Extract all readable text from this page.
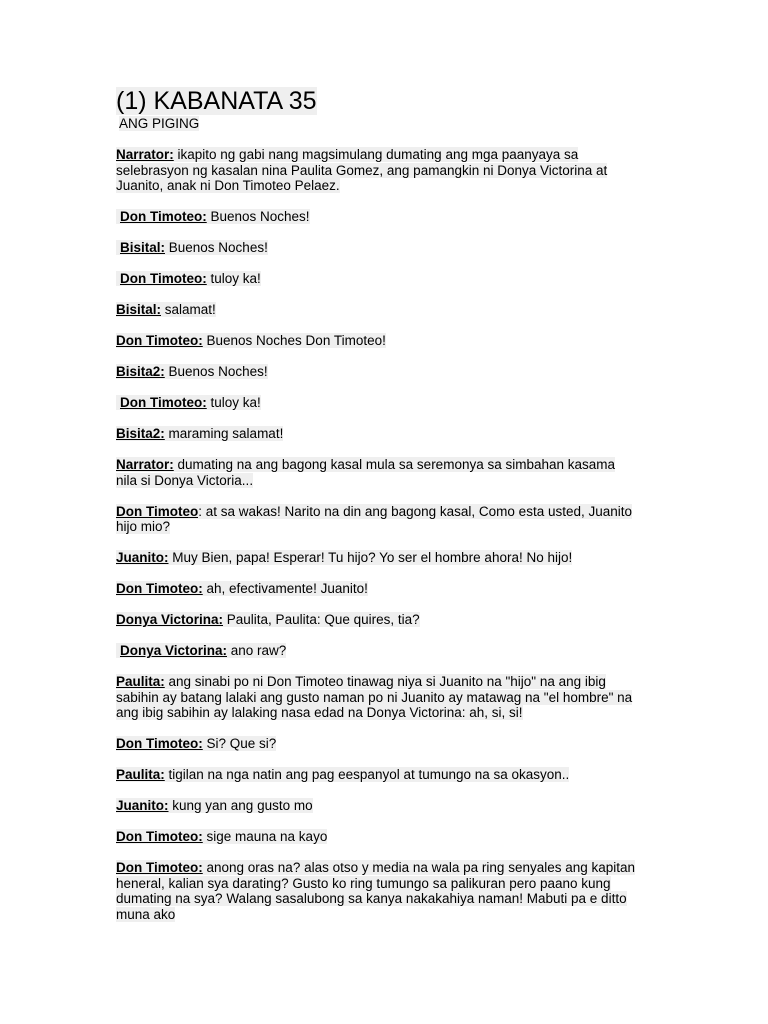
(1) KABANATA 35

ANG PIGING

Narrator: ikapito ng gabi nang magsimulang dumating ang mga paanyaya sa selebrasyon ng kasalan nina Paulita Gomez, ang pamangkin ni Donya Victorina at Juanito, anak ni Don Timoteo Pelaez.

Don Timoteo: Buenos Noches!

Bisital: Buenos Noches!

Don Timoteo: tuloy ka!

Bisital: salamat!

Don Timoteo: Buenos Noches Don Timoteo!

Bisita2: Buenos Noches!

Don Timoteo: tuloy ka!

Bisita2: maraming salamat!

Narrator: dumating na ang bagong kasal mula sa seremonya sa simbahan kasama nila si Donya Victoria...

Don Timoteo: at sa wakas! Narito na din ang bagong kasal, Como esta usted, Juanito hijo mio?

Juanito: Muy Bien, papa! Esperar! Tu hijo? Yo ser el hombre ahora! No hijo!

Don Timoteo: ah, efectivamente! Juanito!

Donya Victorina: Paulita, Paulita: Que quires, tia?

Donya Victorina: ano raw?

Paulita: ang sinabi po ni Don Timoteo tinawag niya si Juanito na "hijo" na ang ibig sabihin ay batang lalaki ang gusto naman po ni Juanito ay matawag na "el hombre" na ang ibig sabihin ay lalaking nasa edad na Donya Victorina: ah, si, si!

Don Timoteo: Si? Que si?

Paulita: tigilan na nga natin ang pag eespanyol at tumungo na sa okasyon..

Juanito: kung yan ang gusto mo

Don Timoteo: sige mauna na kayo

Don Timoteo: anong oras na? alas otso y media na wala pa ring senyales ang kapitan heneral, kalian sya darating? Gusto ko ring tumungo sa palikuran pero paano kung dumating na sya? Walang sasalubong sa kanya nakakahiya naman! Mabuti pa e ditto muna ako
